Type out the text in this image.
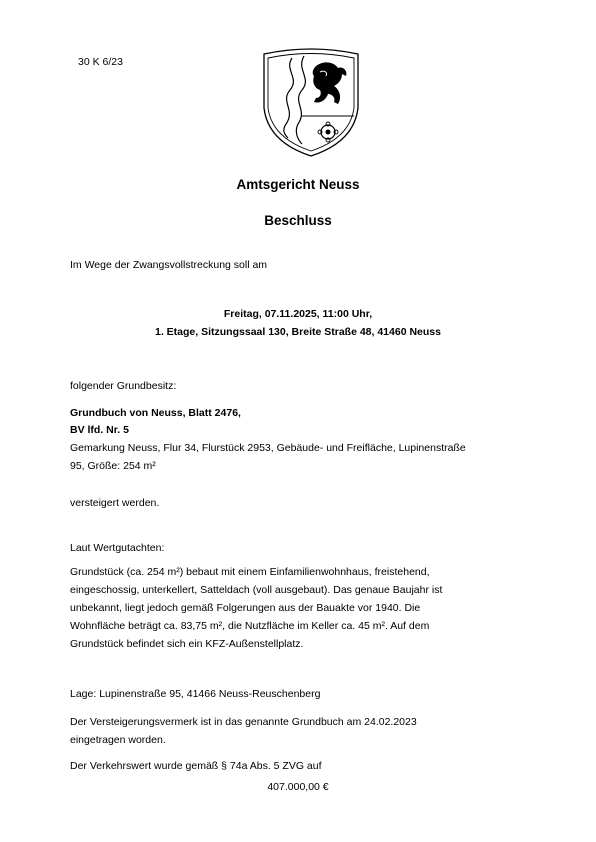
30 K 6/23
Amtsgericht Neuss
Beschluss
Im Wege der Zwangsvollstreckung soll am
Freitag, 07.11.2025, 11:00 Uhr,
1. Etage, Sitzungssaal 130, Breite Straße 48, 41460 Neuss
folgender Grundbesitz:
Grundbuch von Neuss, Blatt 2476,
BV lfd. Nr. 5
Gemarkung Neuss, Flur 34, Flurstück 2953, Gebäude- und Freifläche, Lupinenstraße
95, Größe: 254 m²
versteigert werden.
Laut Wertgutachten:
Grundstück (ca. 254 m²) bebaut mit einem Einfamilienwohnhaus, freistehend,
eingeschossig, unterkellert, Satteldach (voll ausgebaut). Das genaue Baujahr ist
unbekannt, liegt jedoch gemäß Folgerungen aus der Bauakte vor 1940. Die
Wohnfläche beträgt ca. 83,75 m², die Nutzfläche im Keller ca. 45 m². Auf dem
Grundstück befindet sich ein KFZ-Außenstellplatz.
Lage: Lupinenstraße 95, 41466 Neuss-Reuschenberg
Der Versteigerungsvermerk ist in das genannte Grundbuch am 24.02.2023
eingetragen worden.
Der Verkehrswert wurde gemäß § 74a Abs. 5 ZVG auf
407.000,00 €
